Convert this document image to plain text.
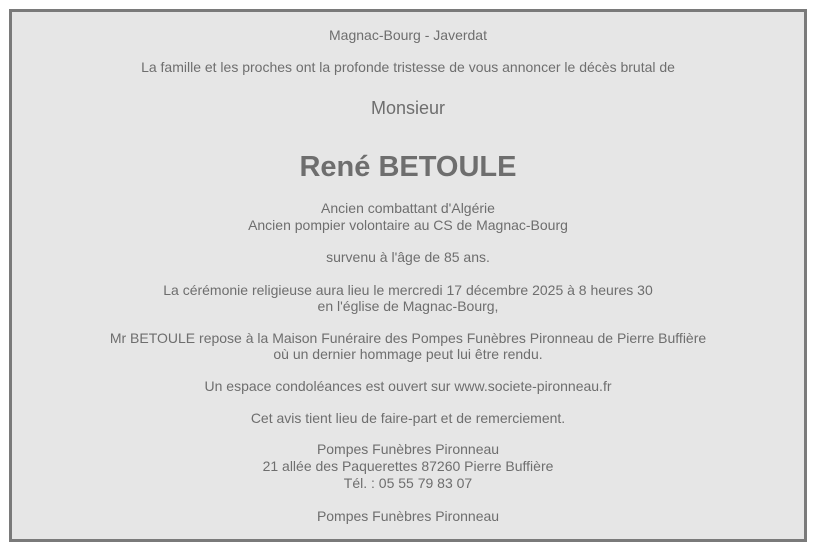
Magnac-Bourg - Javerdat
La famille et les proches ont la profonde tristesse de vous annoncer le décès brutal de
Monsieur
René BETOULE
Ancien combattant d'Algérie
Ancien pompier volontaire au CS de Magnac-Bourg
survenu à l'âge de 85 ans.
La cérémonie religieuse aura lieu le mercredi 17 décembre 2025 à 8 heures 30
en l'église de Magnac-Bourg,
Mr BETOULE repose à la Maison Funéraire des Pompes Funèbres Pironneau de Pierre Buffière
où un dernier hommage peut lui être rendu.
Un espace condoléances est ouvert sur www.societe-pironneau.fr
Cet avis tient lieu de faire-part et de remerciement.
Pompes Funèbres Pironneau
21 allée des Paquerettes 87260 Pierre Buffière
Tél. : 05 55 79 83 07
Pompes Funèbres Pironneau
